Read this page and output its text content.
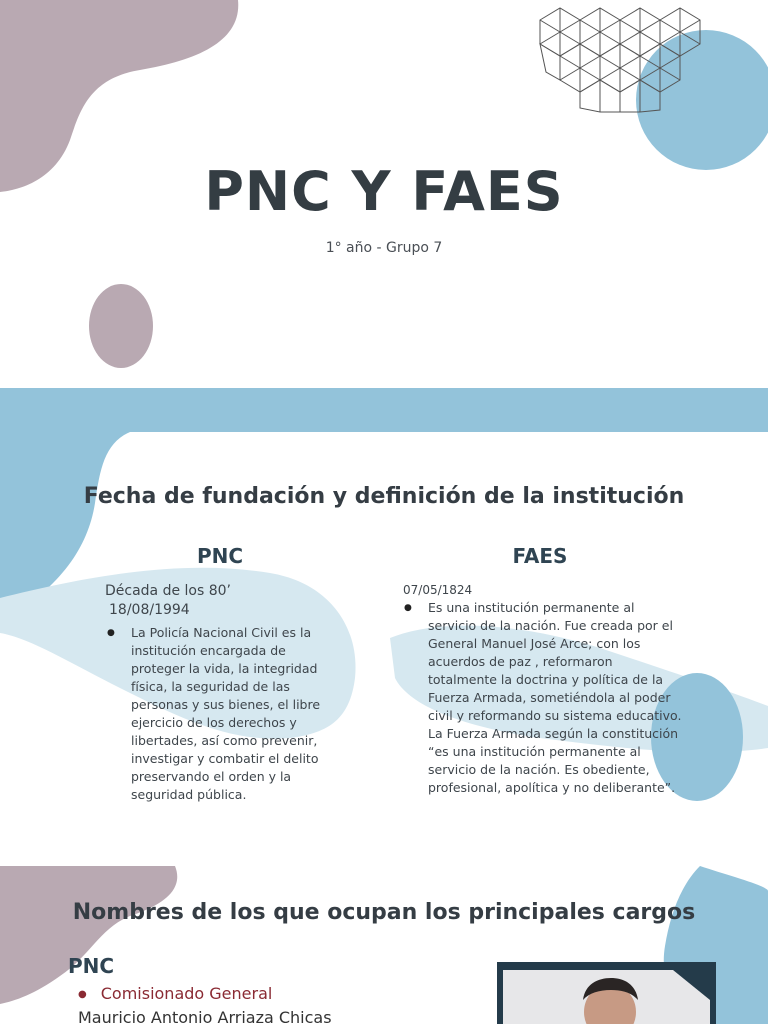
PNC Y FAES
1° año - Grupo 7
Fecha de fundación y definición de la institución
PNC
Década de los 80’
18/08/1994
● La Policía Nacional Civil es la institución encargada de proteger la vida, la integridad física, la seguridad de las personas y sus bienes, el libre ejercicio de los derechos y libertades, así como prevenir, investigar y combatir el delito preservando el orden y la seguridad pública.
FAES
07/05/1824
● Es una institución permanente al servicio de la nación. Fue creada por el General Manuel José Arce; con los acuerdos de paz , reformaron totalmente la doctrina y política de la Fuerza Armada, sometiéndola al poder civil y reformando su sistema educativo. La Fuerza Armada según la constitución “es una institución permanente al servicio de la nación. Es obediente, profesional, apolítica y no deliberante”.
Nombres de los que ocupan los principales cargos
PNC
● Comisionado General
Mauricio Antonio Arriaza Chicas
